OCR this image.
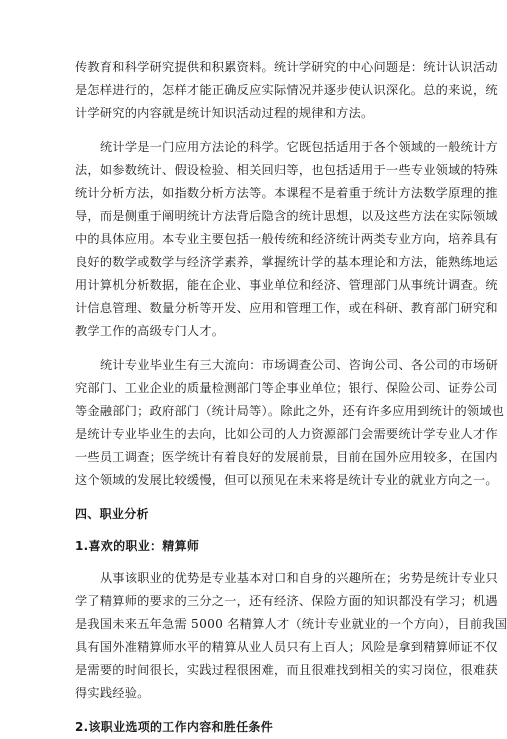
传教育和科学研究提供和积累资料。统计学研究的中心问题是：统计认识活动
是怎样进行的，怎样才能正确反应实际情况并逐步使认识深化。总的来说，统
计学研究的内容就是统计知识活动过程的规律和方法。
统计学是一门应用方法论的科学。它既包括适用于各个领域的一般统计方
法，如参数统计、假设检验、相关回归等，也包括适用于一些专业领域的特殊
统计分析方法，如指数分析方法等。本课程不是着重于统计方法数学原理的推
导，而是侧重于阐明统计方法背后隐含的统计思想，以及这些方法在实际领域
中的具体应用。本专业主要包括一般传统和经济统计两类专业方向，培养具有
良好的数学或数学与经济学素养，掌握统计学的基本理论和方法，能熟练地运
用计算机分析数据，能在企业、事业单位和经济、管理部门从事统计调查。统
计信息管理、数量分析等开发、应用和管理工作，或在科研、教育部门研究和
教学工作的高级专门人才。
统计专业毕业生有三大流向：市场调查公司、咨询公司、各公司的市场研
究部门、工业企业的质量检测部门等企事业单位；银行、保险公司、证券公司
等金融部门；政府部门（统计局等）。除此之外，还有许多应用到统计的领域也
是统计专业毕业生的去向，比如公司的人力资源部门会需要统计学专业人才作
一些员工调查；医学统计有着良好的发展前景，目前在国外应用较多，在国内
这个领域的发展比较缓慢，但可以预见在未来将是统计专业的就业方向之一。
四、职业分析
1.喜欢的职业：精算师
从事该职业的优势是专业基本对口和自身的兴趣所在；劣势是统计专业只
学了精算师的要求的三分之一，还有经济、保险方面的知识都没有学习；机遇
是我国未来五年急需 5000 名精算人才（统计专业就业的一个方向），目前我国
具有国外准精算师水平的精算从业人员只有上百人；风险是拿到精算师证不仅
是需要的时间很长，实践过程很困难，而且很难找到相关的实习岗位，很难获
得实践经验。
2.该职业选项的工作内容和胜任条件
